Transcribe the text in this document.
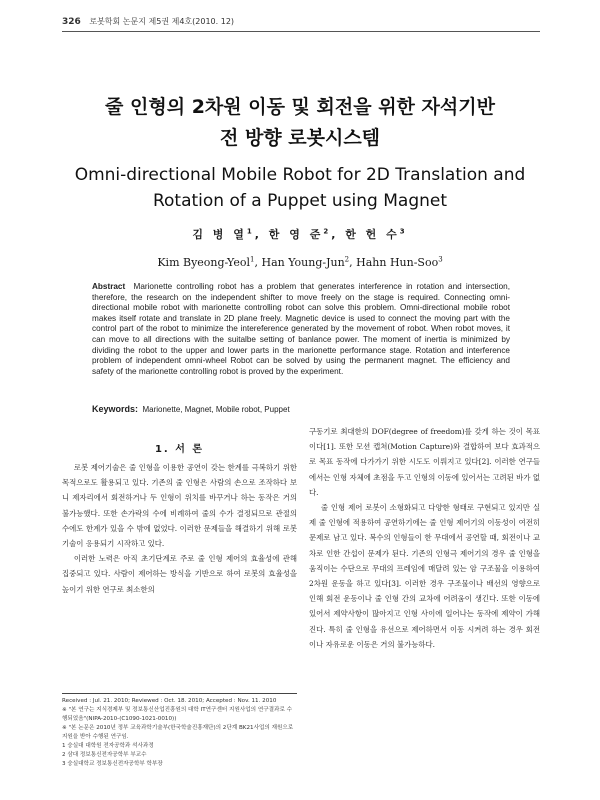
326 로봇학회 논문지 제5권 제4호(2010. 12)
줄 인형의 2차원 이동 및 회전을 위한 자석기반
전 방향 로봇시스템
Omni-directional Mobile Robot for 2D Translation and
Rotation of a Puppet using Magnet
김 병 열$^1$, 한 영 준$^2$, 한 헌 수$^3$
Kim Byeong-Yeol$^1$, Han Young-Jun$^2$, Hahn Hun-Soo$^3$
Abstract Marionette controlling robot has a problem that generates interference in rotation and intersection, therefore, the research on the independent shifter to move freely on the stage is required. Connecting omni-directional mobile robot with marionette controlling robot can solve this problem. Omni-directional mobile robot makes itself rotate and translate in 2D plane freely. Magnetic device is used to connect the moving part with the control part of the robot to minimize the intereference generated by the movement of robot. When robot moves, it can move to all directions with the suitalbe setting of banlance power. The moment of inertia is minimized by dividing the robot to the upper and lower parts in the marionette performance stage. Rotation and interference problem of independent omni-wheel Robot can be solved by using the permanent magnet. The efficiency and safety of the marionette controlling robot is proved by the experiment.
Keywords: Marionette, Magnet, Mobile robot, Puppet
1. 서 론

로봇 제어기술은 줄 인형을 이용한 공연이 갖는 한계를 극복하기 위한 목적으로도 활용되고 있다. 기존의 줄 인형은 사람의 손으로 조작하다 보니 제자리에서 회전하거나 두 인형이 위치를 바꾸거나 하는 동작은 거의 불가능했다. 또한 손가락의 수에 비례하여 줄의 수가 결정되므로 관절의 수에도 한계가 있을 수 밖에 없었다. 이러한 문제들을 해결하기 위해 로봇기술이 응용되기 시작하고 있다.

이러한 노력은 아직 초기단계로 주로 줄 인형 제어의 효율성에 관해 집중되고 있다. 사람이 제어하는 방식을 기반으로 하여 로봇의 효율성을 높이기 위한 연구로 최소한의

구동기로 최대한의 DOF(degree of freedom)를 갖게 하는 것이 목표이다[1]. 또한 모션 캡쳐(Motion Capture)와 결합하여 보다 효과적으로 목표 동작에 다가가기 위한 시도도 이뤄지고 있다[2]. 이러한 연구들에서는 인형 자체에 초점을 두고 인형의 이동에 있어서는 고려된 바가 없다.

줄 인형 제어 로봇이 소형화되고 다양한 형태로 구현되고 있지만 실제 줄 인형에 적용하여 공연하기에는 줄 인형 제어기의 이동성이 여전히 문제로 남고 있다. 복수의 인형들이 한 무대에서 공연할 때, 회전이나 교차로 인한 간섭이 문제가 된다. 기존의 인형극 제어기의 경우 줄 인형을 움직이는 수단으로 무대의 프레임에 매달려 있는 암 구조물을 이용하여 2차원 운동을 하고 있다[3]. 이러한 경우 구조물이나 배선의 영향으로 인해 회전 운동이나 줄 인형 간의 교차에 어려움이 생긴다. 또한 이동에 있어서 제약사항이 많아지고 인형 사이에 일어나는 동작에 제약이 가해진다. 특히 줄 인형을 유선으로 제어하면서 이동 시켜려 하는 경우 회전이나 자유로운 이동은 거의 불가능하다.

Received : Jul. 21. 2010; Reviewed : Oct. 18. 2010; Accepted : Nov. 11. 2010
※ "본 연구는 지식경제부 및 정보통신산업진흥원의 대학 IT연구센터 지원사업의 연구결과로 수행되었음"(NIPA-2010-(C1090-1021-0010))
※ "본 논문은 2010년 정부 교육과학기술부(한국학술진흥재단)의 2단계 BK21사업의 재원으로 지원을 받아 수행된 연구임.
1 숭실대 대학원 전자공학과 석사과정
2 삼대 정보통신전자공학부 부교수
3 숭실대학교 정보통신전자공학부 학부장
